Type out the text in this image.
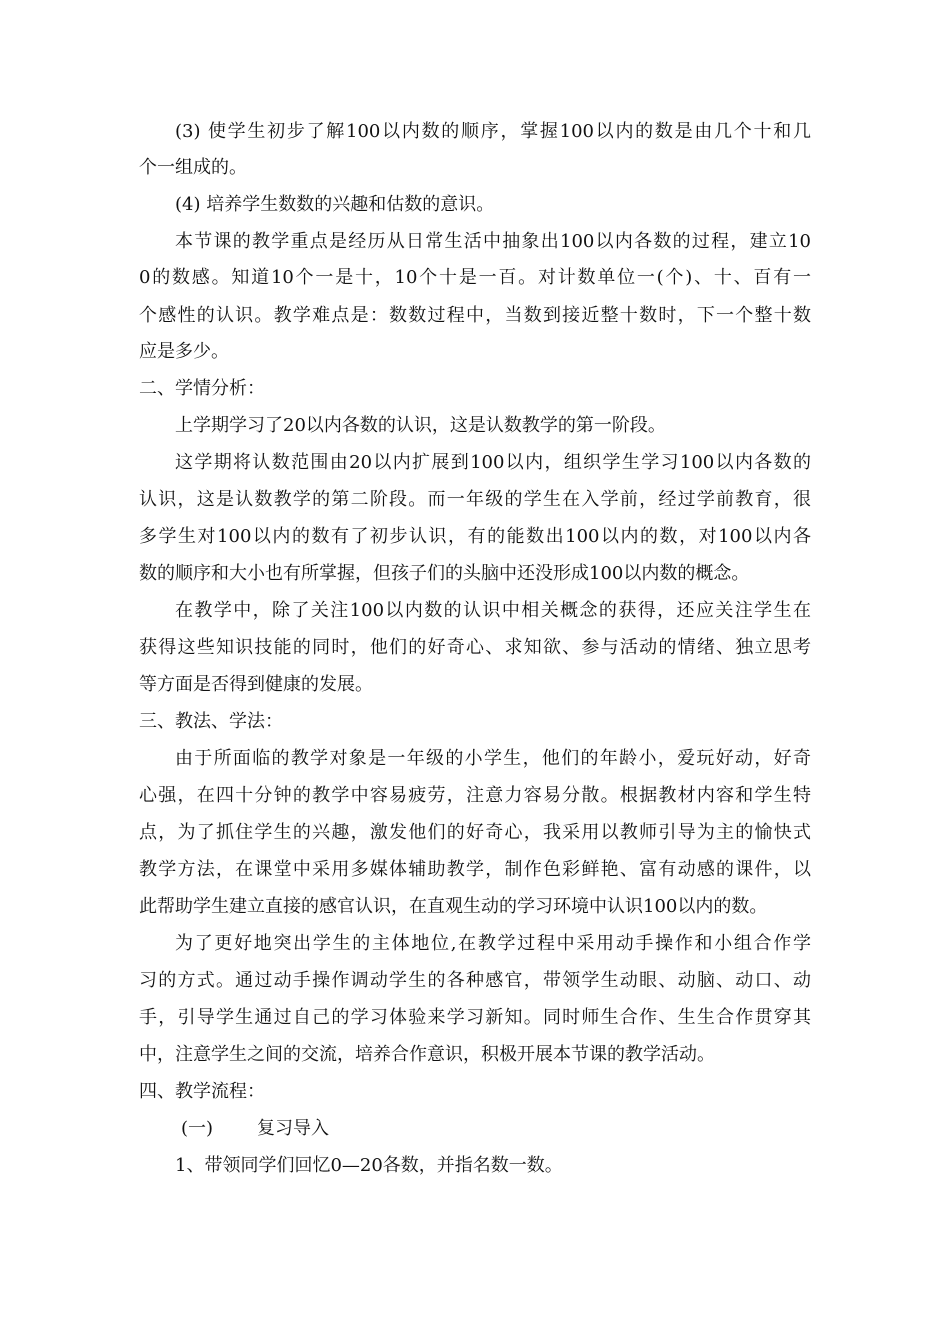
(3) 使学生初步了解100以内数的顺序，掌握100以内的数是由几个十和几
个一组成的。
(4) 培养学生数数的兴趣和估数的意识。
本节课的教学重点是经历从日常生活中抽象出100以内各数的过程，建立10
0的数感。知道10个一是十，10个十是一百。对计数单位一(个)、十、百有一
个感性的认识。教学难点是：数数过程中，当数到接近整十数时，下一个整十数
应是多少。
二、学情分析：
上学期学习了20以内各数的认识，这是认数教学的第一阶段。
这学期将认数范围由20以内扩展到100以内，组织学生学习100以内各数的
认识，这是认数教学的第二阶段。而一年级的学生在入学前，经过学前教育，很
多学生对100以内的数有了初步认识，有的能数出100以内的数，对100以内各
数的顺序和大小也有所掌握，但孩子们的头脑中还没形成100以内数的概念。
在教学中，除了关注100以内数的认识中相关概念的获得，还应关注学生在
获得这些知识技能的同时，他们的好奇心、求知欲、参与活动的情绪、独立思考
等方面是否得到健康的发展。
三、教法、学法：
由于所面临的教学对象是一年级的小学生，他们的年龄小，爱玩好动，好奇
心强，在四十分钟的教学中容易疲劳，注意力容易分散。根据教材内容和学生特
点，为了抓住学生的兴趣，激发他们的好奇心，我采用以教师引导为主的愉快式
教学方法，在课堂中采用多媒体辅助教学，制作色彩鲜艳、富有动感的课件，以
此帮助学生建立直接的感官认识，在直观生动的学习环境中认识100以内的数。
为了更好地突出学生的主体地位,在教学过程中采用动手操作和小组合作学
习的方式。通过动手操作调动学生的各种感官，带领学生动眼、动脑、动口、动
手，引导学生通过自己的学习体验来学习新知。同时师生合作、生生合作贯穿其
中，注意学生之间的交流，培养合作意识，积极开展本节课的教学活动。
四、教学流程：
(一) 复习导入
1、带领同学们回忆0—20各数，并指名数一数。
